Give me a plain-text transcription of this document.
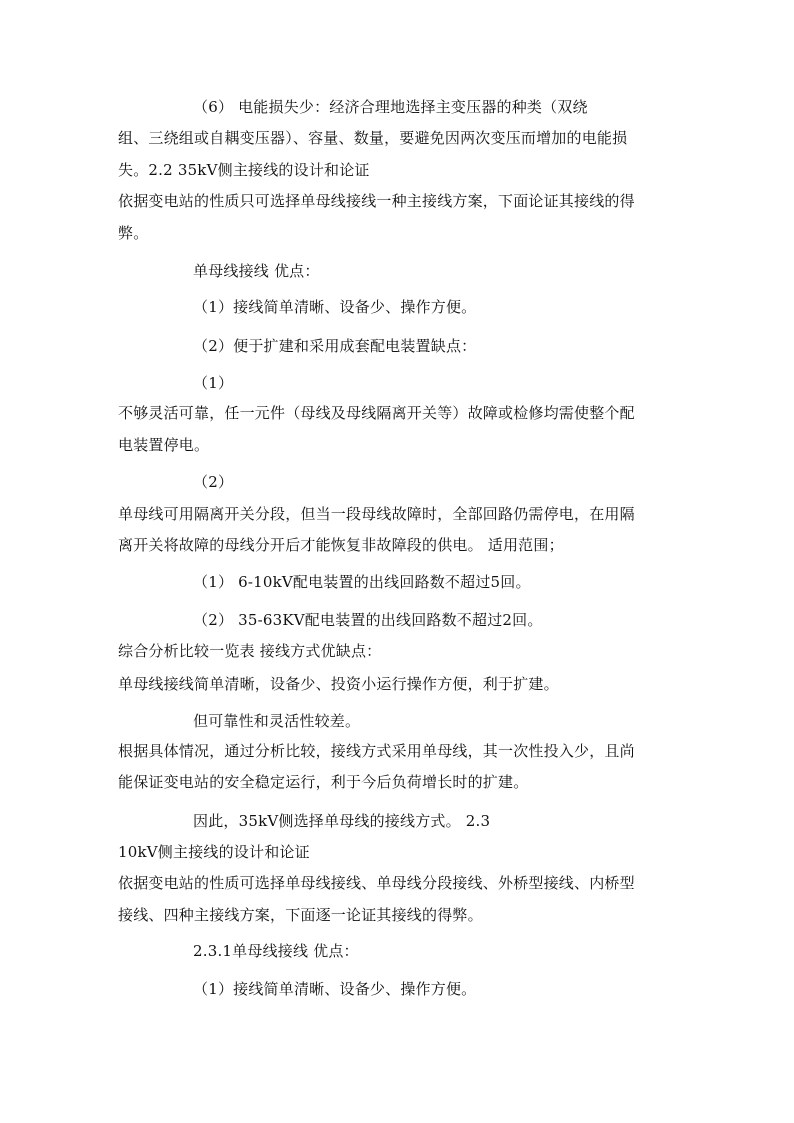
（6） 电能损失少：经济合理地选择主变压器的种类（双绕
组、三绕组或自耦变压器）、容量、数量，要避免因两次变压而增加的电能损
失。2.2 35kV侧主接线的设计和论证
依据变电站的性质只可选择单母线接线一种主接线方案，下面论证其接线的得
弊。
单母线接线 优点：
（1）接线简单清晰、设备少、操作方便。
（2）便于扩建和采用成套配电装置缺点：
（1）
不够灵活可靠，任一元件（母线及母线隔离开关等）故障或检修均需使整个配
电装置停电。
（2）
单母线可用隔离开关分段，但当一段母线故障时，全部回路仍需停电，在用隔
离开关将故障的母线分开后才能恢复非故障段的供电。 适用范围；
（1） 6-10kV配电装置的出线回路数不超过5回。
（2） 35-63KV配电装置的出线回路数不超过2回。
综合分析比较一览表 接线方式优缺点：
单母线接线简单清晰，设备少、投资小运行操作方便，利于扩建。
但可靠性和灵活性较差。
根据具体情况，通过分析比较，接线方式采用单母线，其一次性投入少，且尚
能保证变电站的安全稳定运行，利于今后负荷增长时的扩建。
因此，35kV侧选择单母线的接线方式。 2.3
10kV侧主接线的设计和论证
依据变电站的性质可选择单母线接线、单母线分段接线、外桥型接线、内桥型
接线、四种主接线方案，下面逐一论证其接线的得弊。
2.3.1单母线接线 优点：
（1）接线简单清晰、设备少、操作方便。
